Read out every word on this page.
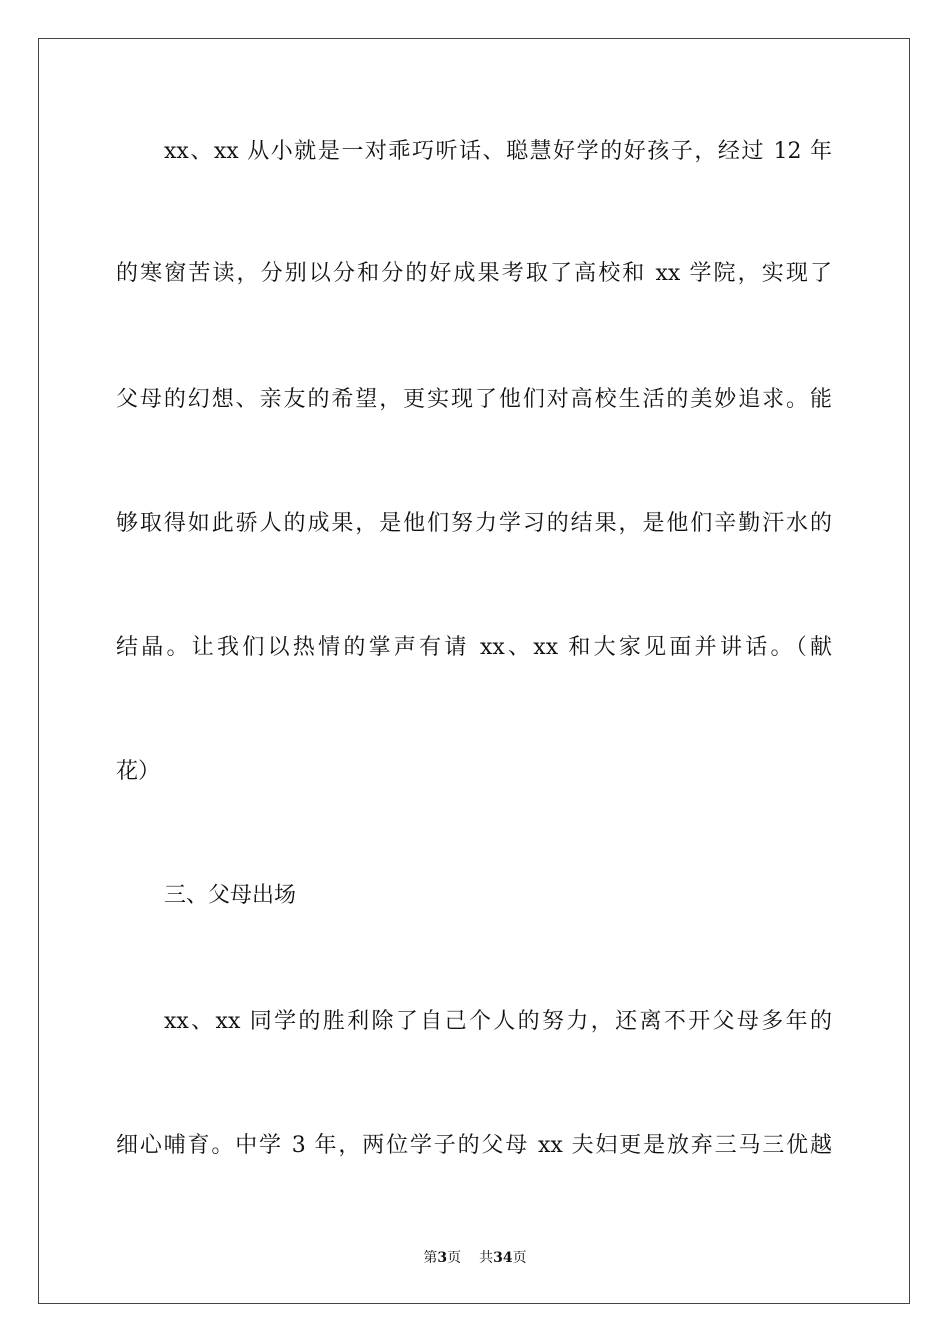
xx、xx 从小就是一对乖巧听话、聪慧好学的好孩子，经过 12 年
的寒窗苦读，分别以分和分的好成果考取了高校和 xx 学院，实现了
父母的幻想、亲友的希望，更实现了他们对高校生活的美妙追求。能
够取得如此骄人的成果，是他们努力学习的结果，是他们辛勤汗水的
结晶。让我们以热情的掌声有请 xx、xx 和大家见面并讲话。（献
花）
三、父母出场
xx、xx 同学的胜利除了自己个人的努力，还离不开父母多年的
细心哺育。中学 3 年，两位学子的父母 xx 夫妇更是放弃三马三优越
第3页 共34页
